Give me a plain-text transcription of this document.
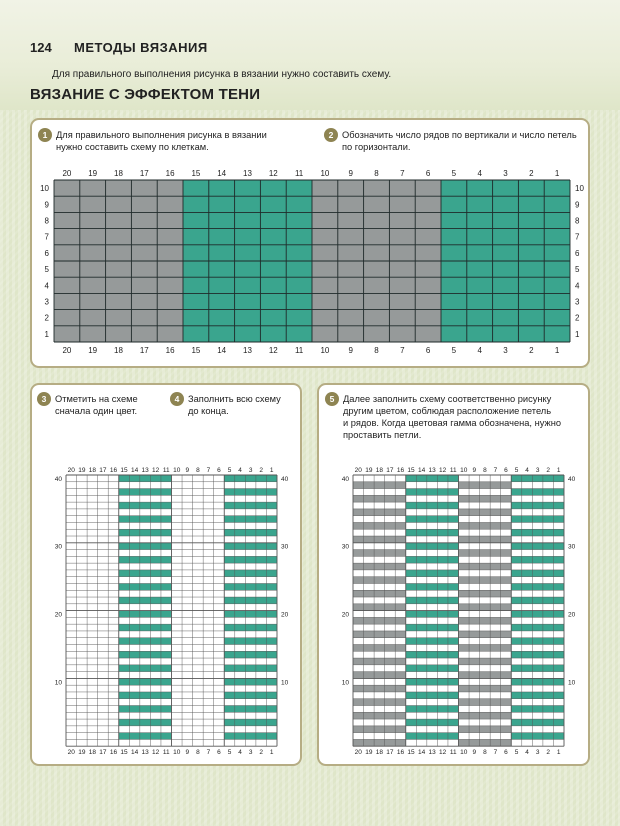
124 МЕТОДЫ ВЯЗАНИЯ
Для правильного выполнения рисунка в вязании нужно составить схему.
ВЯЗАНИЕ С ЭФФЕКТОМ ТЕНИ
1 Для правильного выполнения рисунка в вязании
нужно составить схему по клеткам.
2 Обозначить число рядов по вертикали и число петель
по горизонтали.
20
20
19
19
18
18
17
17
16
16
15
15
14
14
13
13
12
12
11
11
10
10
9
9
8
8
7
7
6
6
5
5
4
4
3
3
2
2
1
1
10	10
9	9
8	8
7	7
6	6
5	5
4	4
3	3
2	2
1	1
3 Отметить на схеме
сначала один цвет.
4 Заполнить всю схему
до конца.
20
20
19
19
18
18
17
17
16
16
15
15
14
14
13
13
12
12
11
11
10
10
9
9
8
8
7
7
6
6
5
5
4
4
3
3
2
2
1
1
40	40
30	30
20	20
10	10
5 Далее заполнить схему соответственно рисунку
другим цветом, соблюдая расположение петель
и рядов. Когда цветовая гамма обозначена, нужно
проставить петли.
20
20
19
19
18
18
17
17
16
16
15
15
14
14
13
13
12
12
11
11
10
10
9
9
8
8
7
7
6
6
5
5
4
4
3
3
2
2
1
1
40	40
30	30
20	20
10	10
